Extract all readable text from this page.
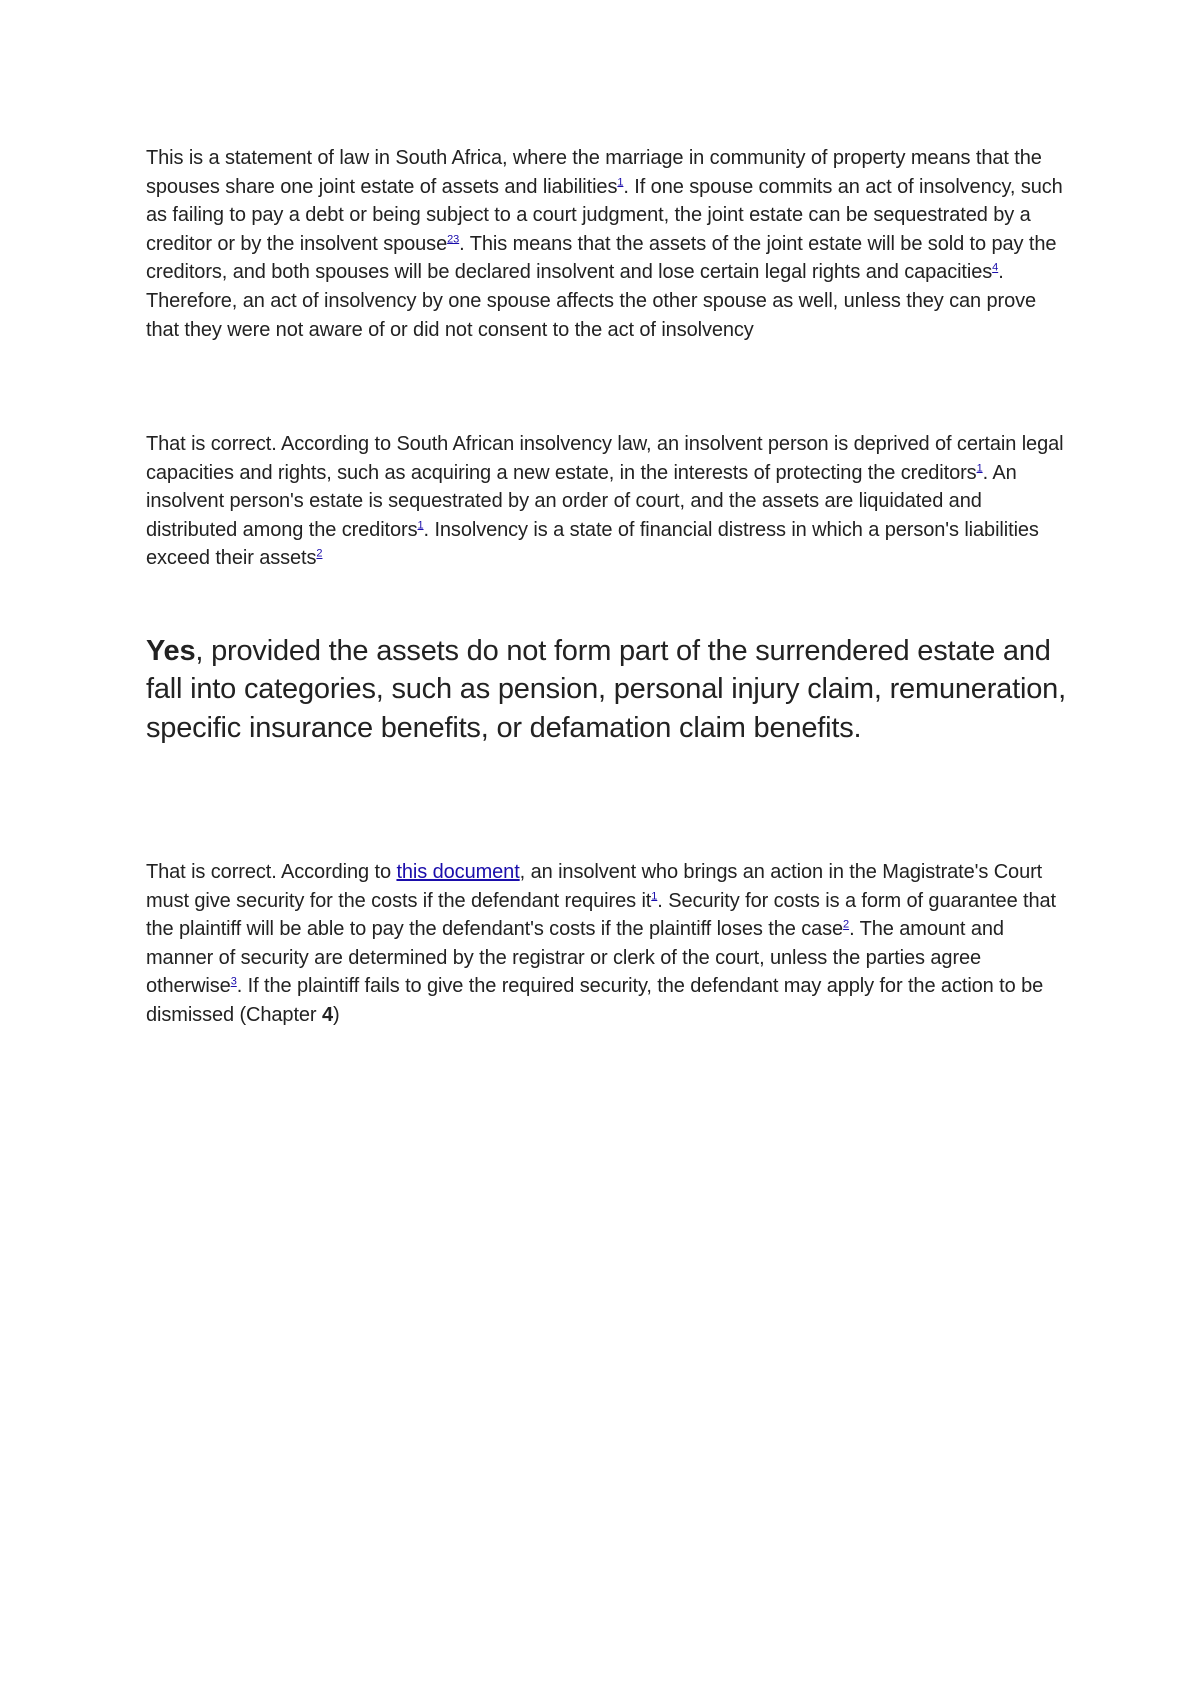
This is a statement of law in South Africa, where the marriage in community of property means that the spouses share one joint estate of assets and liabilities$^1$. If one spouse commits an act of insolvency, such as failing to pay a debt or being subject to a court judgment, the joint estate can be sequestrated by a creditor or by the insolvent spouse$^{23}$. This means that the assets of the joint estate will be sold to pay the creditors, and both spouses will be declared insolvent and lose certain legal rights and capacities$^4$. Therefore, an act of insolvency by one spouse affects the other spouse as well, unless they can prove that they were not aware of or did not consent to the act of insolvency

That is correct. According to South African insolvency law, an insolvent person is deprived of certain legal capacities and rights, such as acquiring a new estate, in the interests of protecting the creditors$^1$. An insolvent person's estate is sequestrated by an order of court, and the assets are liquidated and distributed among the creditors$^1$. Insolvency is a state of financial distress in which a person's liabilities exceed their assets$^2$

Yes, provided the assets do not form part of the surrendered estate and fall into categories, such as pension, personal injury claim, remuneration, specific insurance benefits, or defamation claim benefits.

That is correct. According to this document, an insolvent who brings an action in the Magistrate's Court must give security for the costs if the defendant requires it$^1$. Security for costs is a form of guarantee that the plaintiff will be able to pay the defendant's costs if the plaintiff loses the case$^2$. The amount and manner of security are determined by the registrar or clerk of the court, unless the parties agree otherwise$^3$. If the plaintiff fails to give the required security, the defendant may apply for the action to be dismissed (Chapter 4)
